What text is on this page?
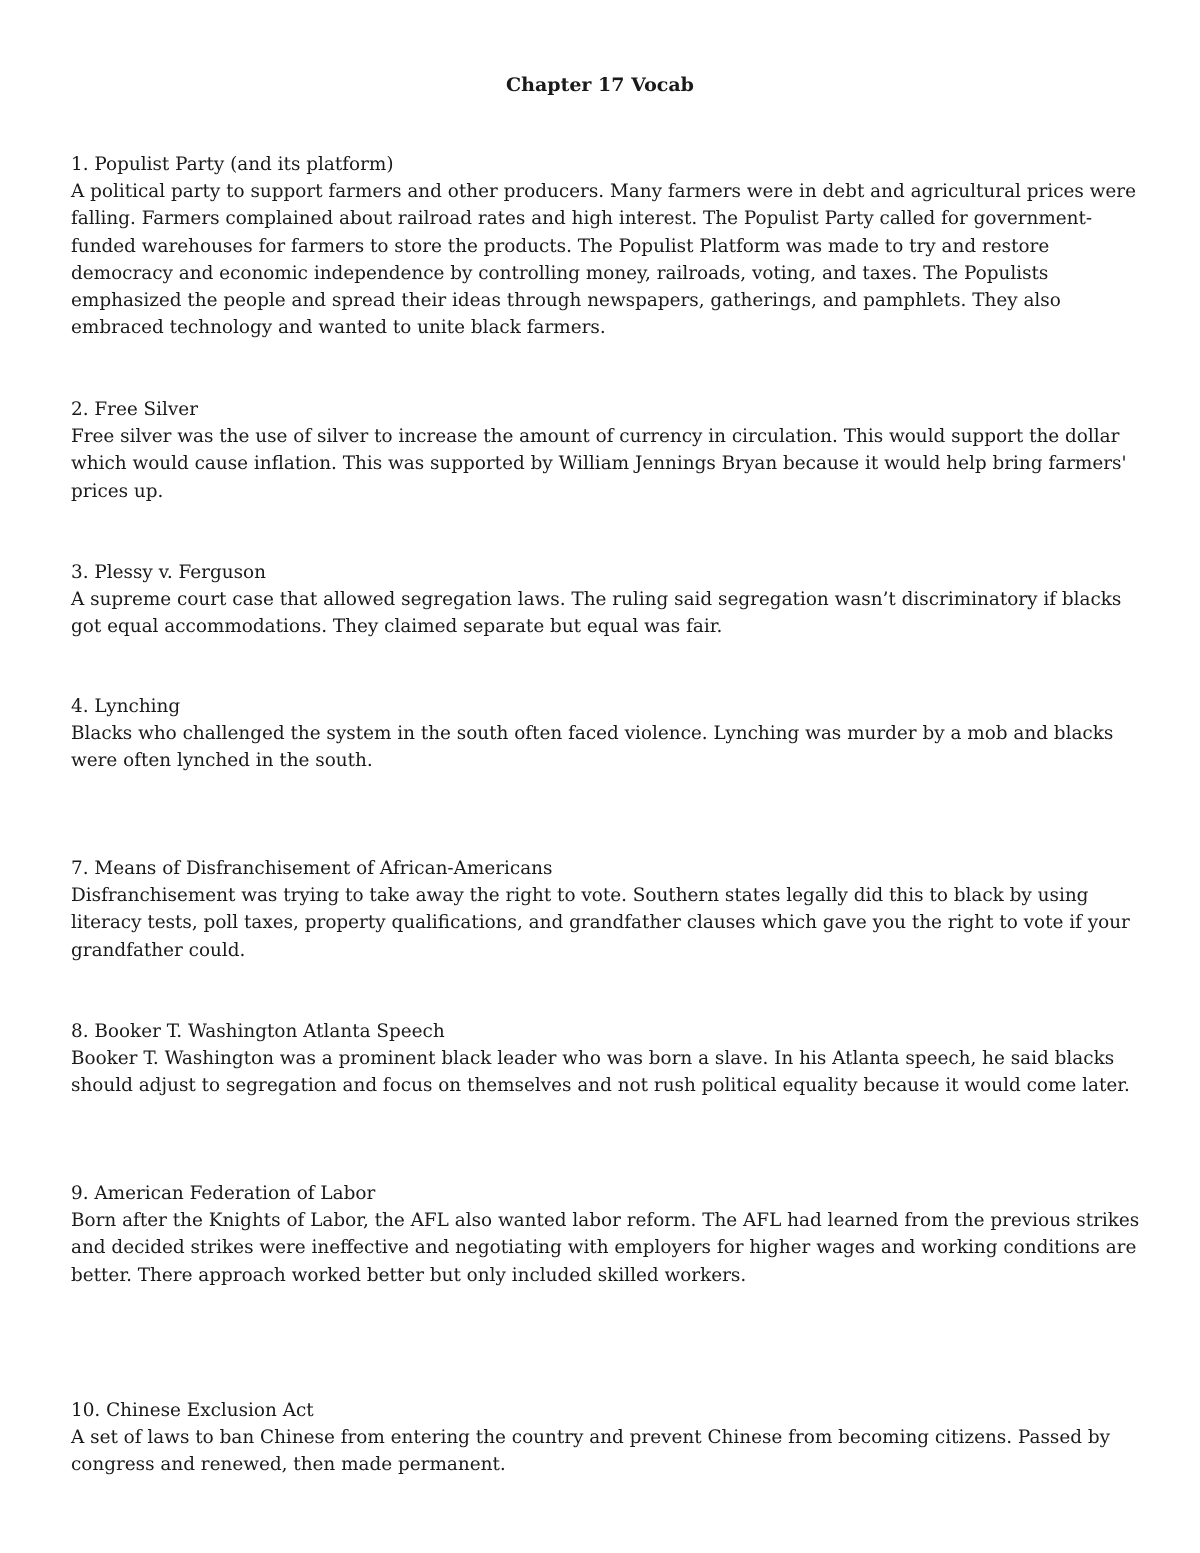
Chapter 17 Vocab

1. Populist Party (and its platform)

A political party to support farmers and other producers. Many farmers were in debt and agricultural prices were falling. Farmers complained about railroad rates and high interest. The Populist Party called for government-funded warehouses for farmers to store the products. The Populist Platform was made to try and restore democracy and economic independence by controlling money, railroads, voting, and taxes. The Populists emphasized the people and spread their ideas through newspapers, gatherings, and pamphlets. They also embraced technology and wanted to unite black farmers.

2. Free Silver

Free silver was the use of silver to increase the amount of currency in circulation. This would support the dollar which would cause inflation. This was supported by William Jennings Bryan because it would help bring farmers' prices up.

3. Plessy v. Ferguson

A supreme court case that allowed segregation laws. The ruling said segregation wasn’t discriminatory if blacks got equal accommodations. They claimed separate but equal was fair.

4. Lynching

Blacks who challenged the system in the south often faced violence. Lynching was murder by a mob and blacks were often lynched in the south.

7. Means of Disfranchisement of African-Americans

Disfranchisement was trying to take away the right to vote. Southern states legally did this to black by using literacy tests, poll taxes, property qualifications, and grandfather clauses which gave you the right to vote if your grandfather could.

8. Booker T. Washington Atlanta Speech

Booker T. Washington was a prominent black leader who was born a slave. In his Atlanta speech, he said blacks should adjust to segregation and focus on themselves and not rush political equality because it would come later.

9. American Federation of Labor

Born after the Knights of Labor, the AFL also wanted labor reform. The AFL had learned from the previous strikes and decided strikes were ineffective and negotiating with employers for higher wages and working conditions are better. There approach worked better but only included skilled workers.

10. Chinese Exclusion Act

A set of laws to ban Chinese from entering the country and prevent Chinese from becoming citizens. Passed by congress and renewed, then made permanent.
